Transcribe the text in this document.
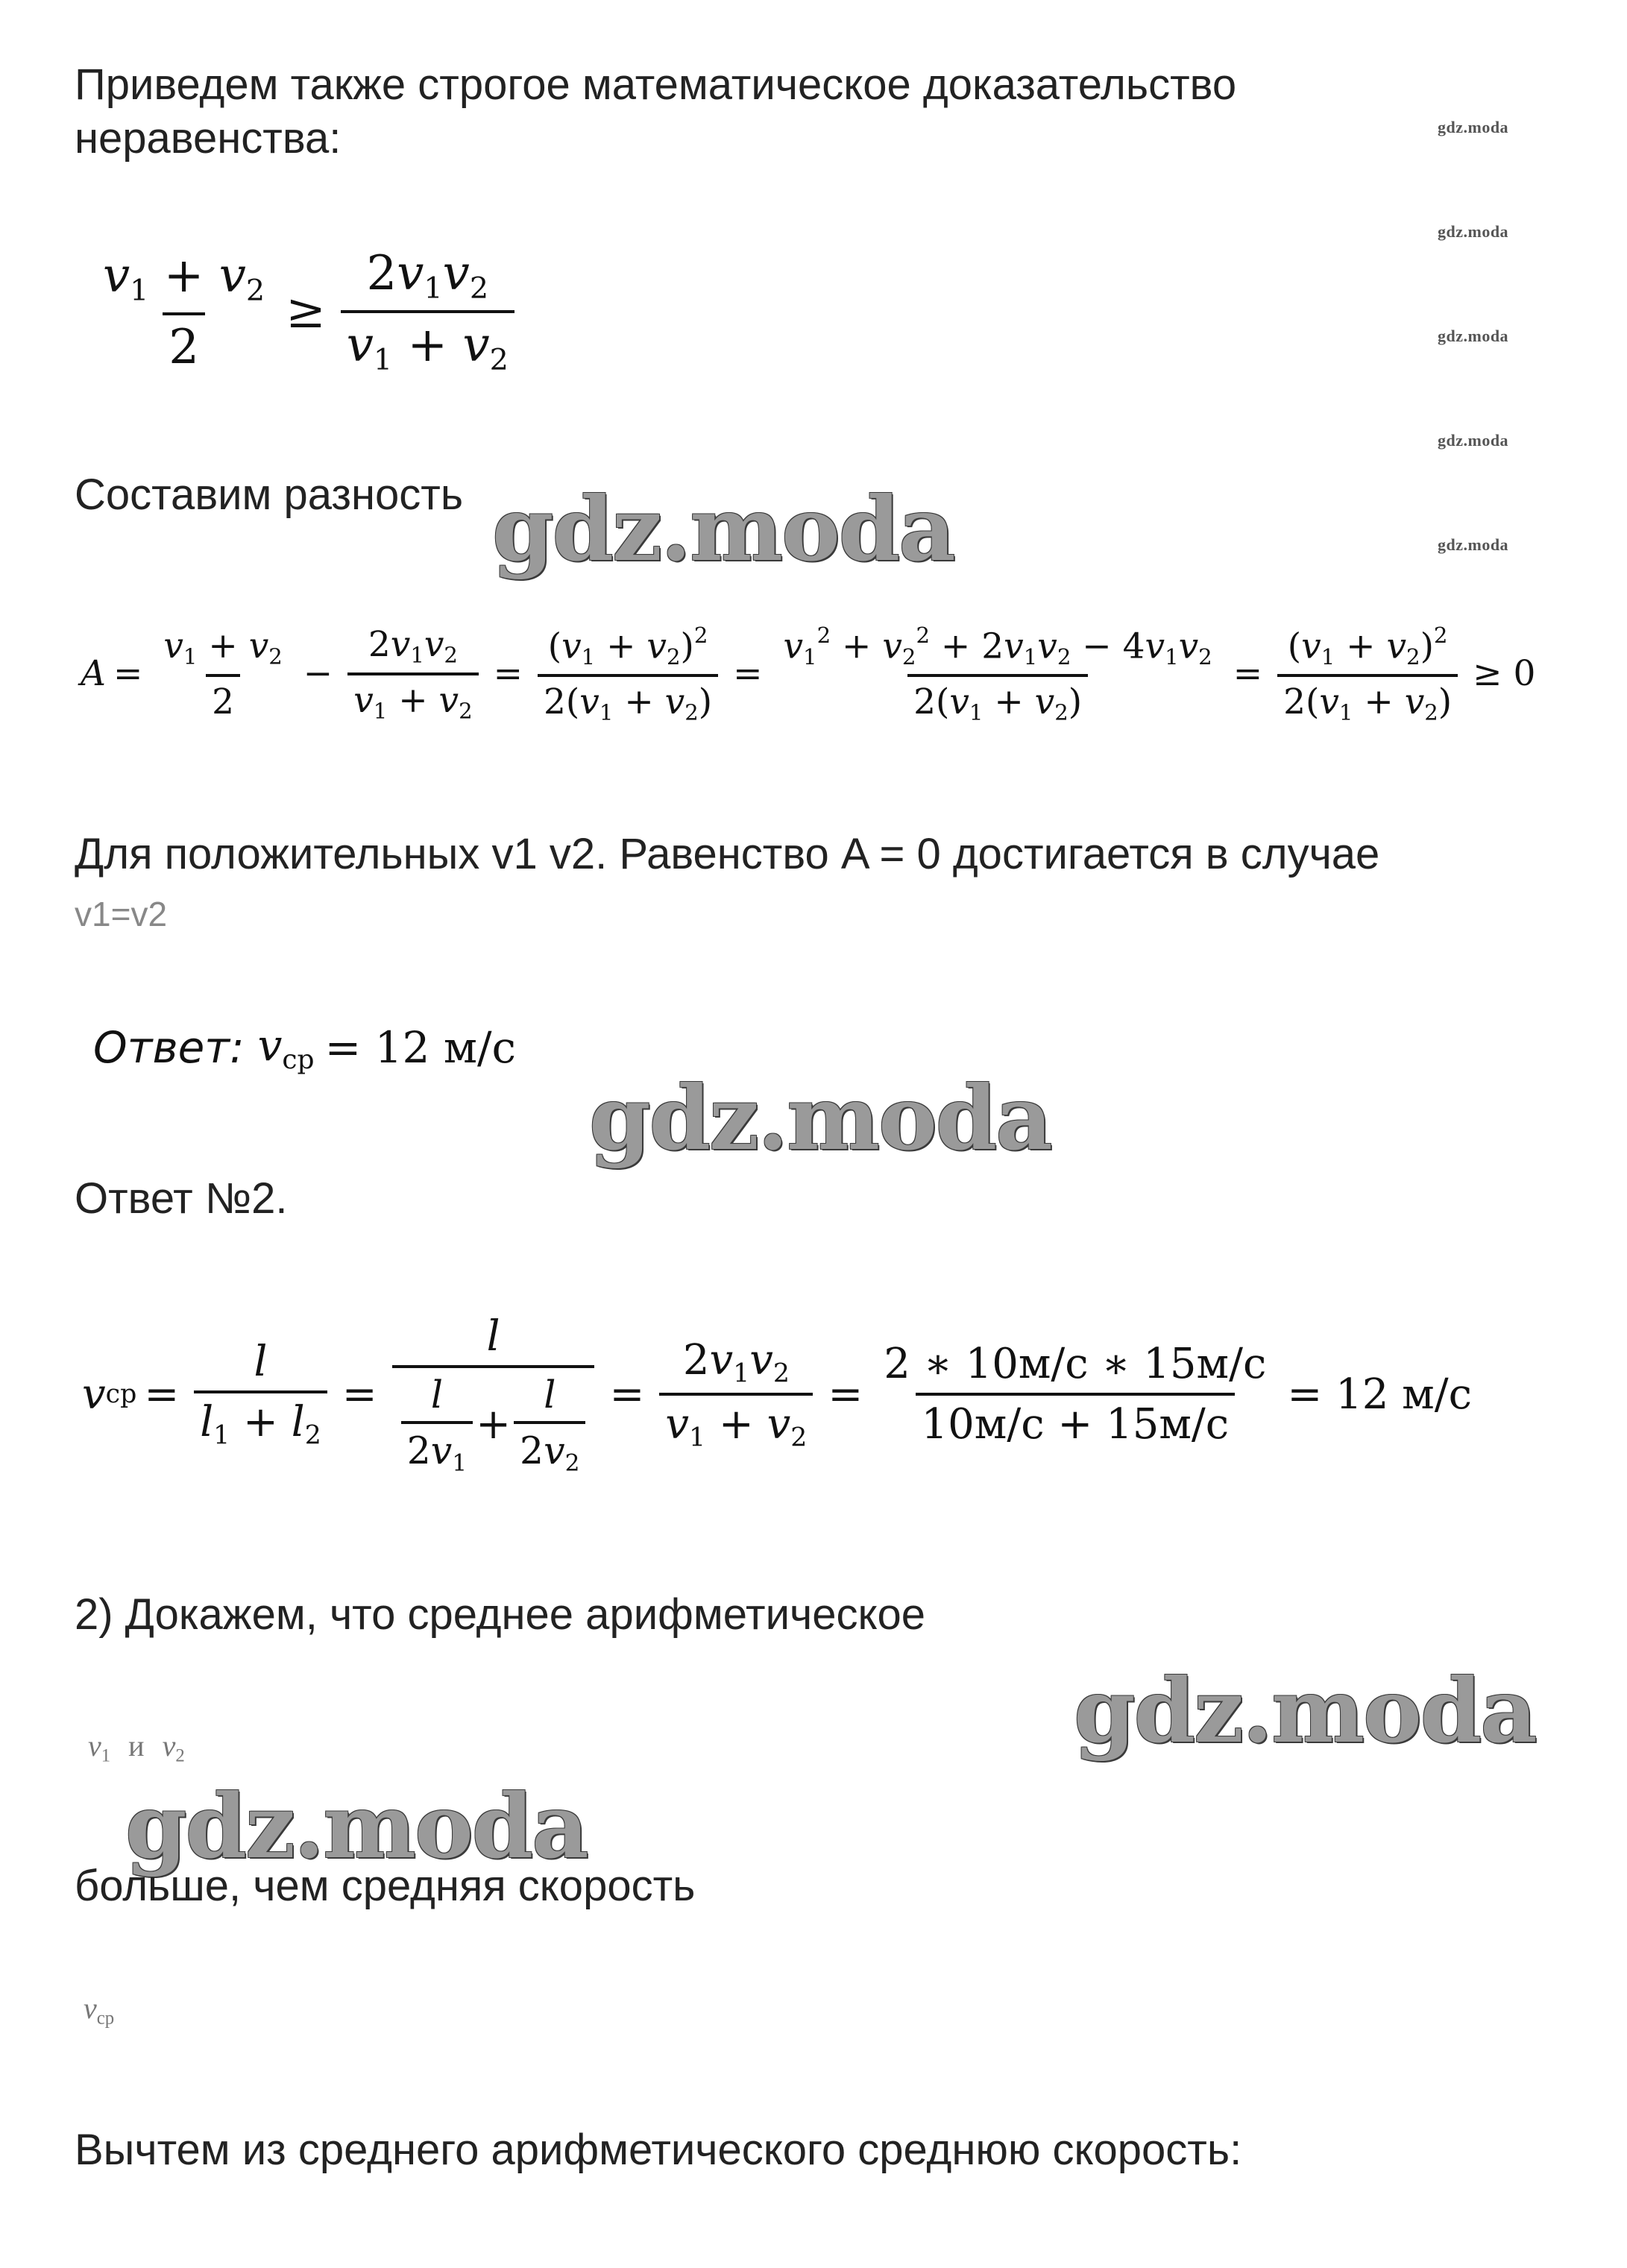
Приведем также строгое математическое доказательство
неравенства:	gdz.moda
gdz.moda
gdz.moda
gdz.moda
gdz.moda
$\frac{v_1 + v_2}{2} \ge \frac{2v_1v_2}{v_1 + v_2}$
Составим разность gdz.moda
$A = \frac{v_1 + v_2}{2} - \frac{2v_1v_2}{v_1 + v_2} = \frac{(v_1 + v_2)^2}{2(v_1 + v_2)} = \frac{v_1^2 + v_2^2 + 2v_1v_2 - 4v_1v_2}{2(v_1 + v_2)} = \frac{(v_1 + v_2)^2}{2(v_1 + v_2)} \ge 0$
Для положительных v1 v2. Равенство A = 0 достигается в случае
v1=v2
Ответ: $v_{ср} = 12$ м/с
gdz.moda
Ответ №2.
v ср = $\frac{l}{l_1 + l_2} = \frac{l}{\frac{l}{2v_1} + \frac{l}{2v_2}} = \frac{2v_1v_2}{v_1 + v_2} = \frac{2 ∗ 10м/с ∗ 15м/с}{10м/с + 15м/с} = 12$ м/с
2) Докажем, что среднее арифметическое
gdz.moda
$v_1$ и $v_2$
gdz.moda
больше, чем средняя скорость
$v_{ср}$
Вычтем из среднего арифметического среднюю скорость:
